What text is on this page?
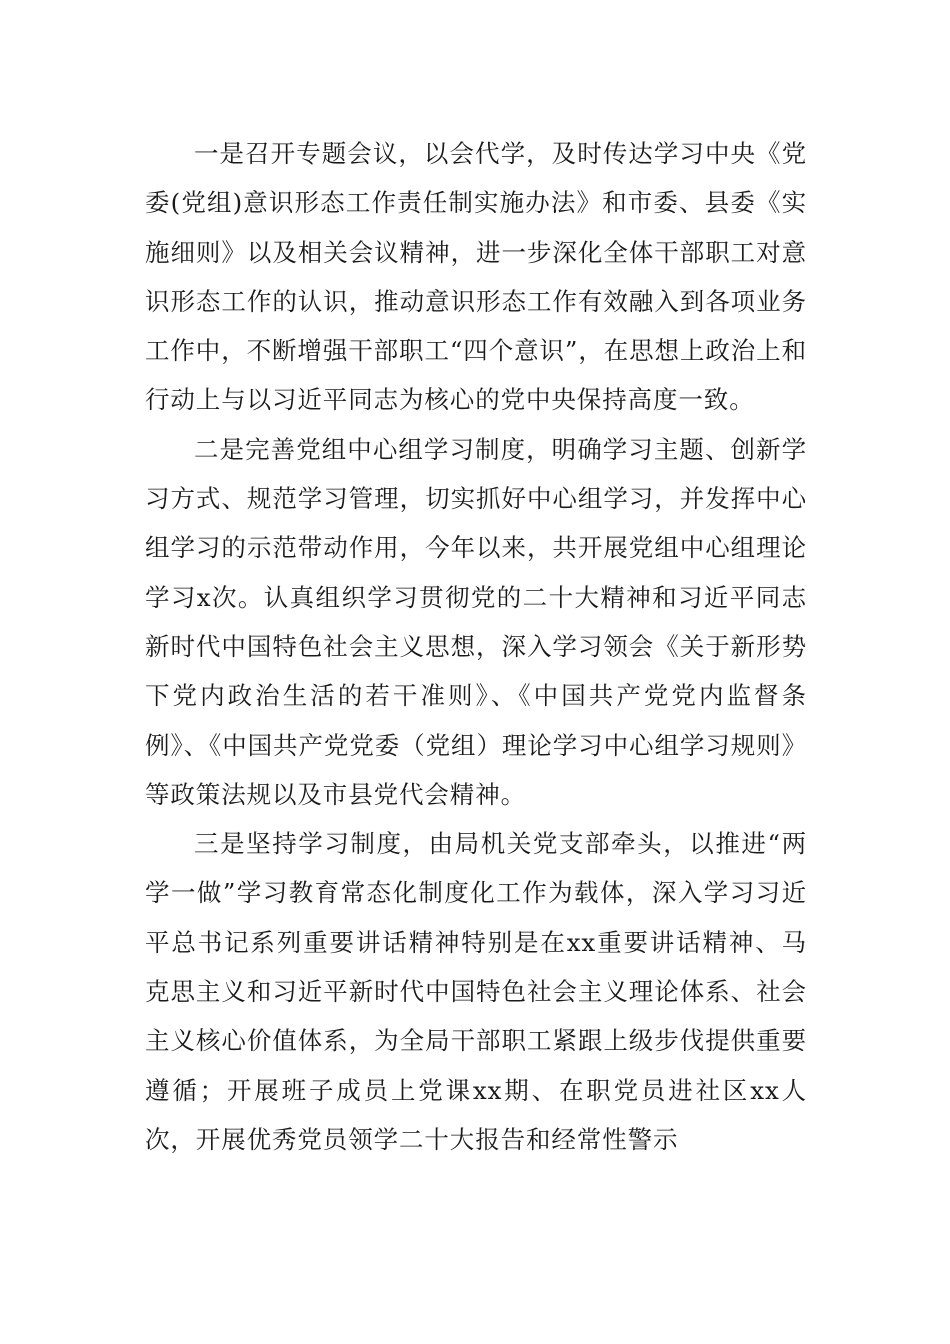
一是召开专题会议，以会代学，及时传达学习中央《党委(党组)意识形态工作责任制实施办法》和市委、县委《实施细则》以及相关会议精神，进一步深化全体干部职工对意识形态工作的认识，推动意识形态工作有效融入到各项业务工作中，不断增强干部职工“四个意识”，在思想上政治上和行动上与以习近平同志为核心的党中央保持高度一致。

二是完善党组中心组学习制度，明确学习主题、创新学习方式、规范学习管理，切实抓好中心组学习，并发挥中心组学习的示范带动作用，今年以来，共开展党组中心组理论学习x次。认真组织学习贯彻党的二十大精神和习近平同志新时代中国特色社会主义思想，深入学习领会《关于新形势下党内政治生活的若干准则》、《中国共产党党内监督条例》、《中国共产党党委（党组）理论学习中心组学习规则》等政策法规以及市县党代会精神。

三是坚持学习制度，由局机关党支部牵头，以推进“两学一做”学习教育常态化制度化工作为载体，深入学习习近平总书记系列重要讲话精神特别是在xx重要讲话精神、马克思主义和习近平新时代中国特色社会主义理论体系、社会主义核心价值体系，为全局干部职工紧跟上级步伐提供重要遵循；开展班子成员上党课xx期、在职党员进社区xx人次，开展优秀党员领学二十大报告和经常性警示
